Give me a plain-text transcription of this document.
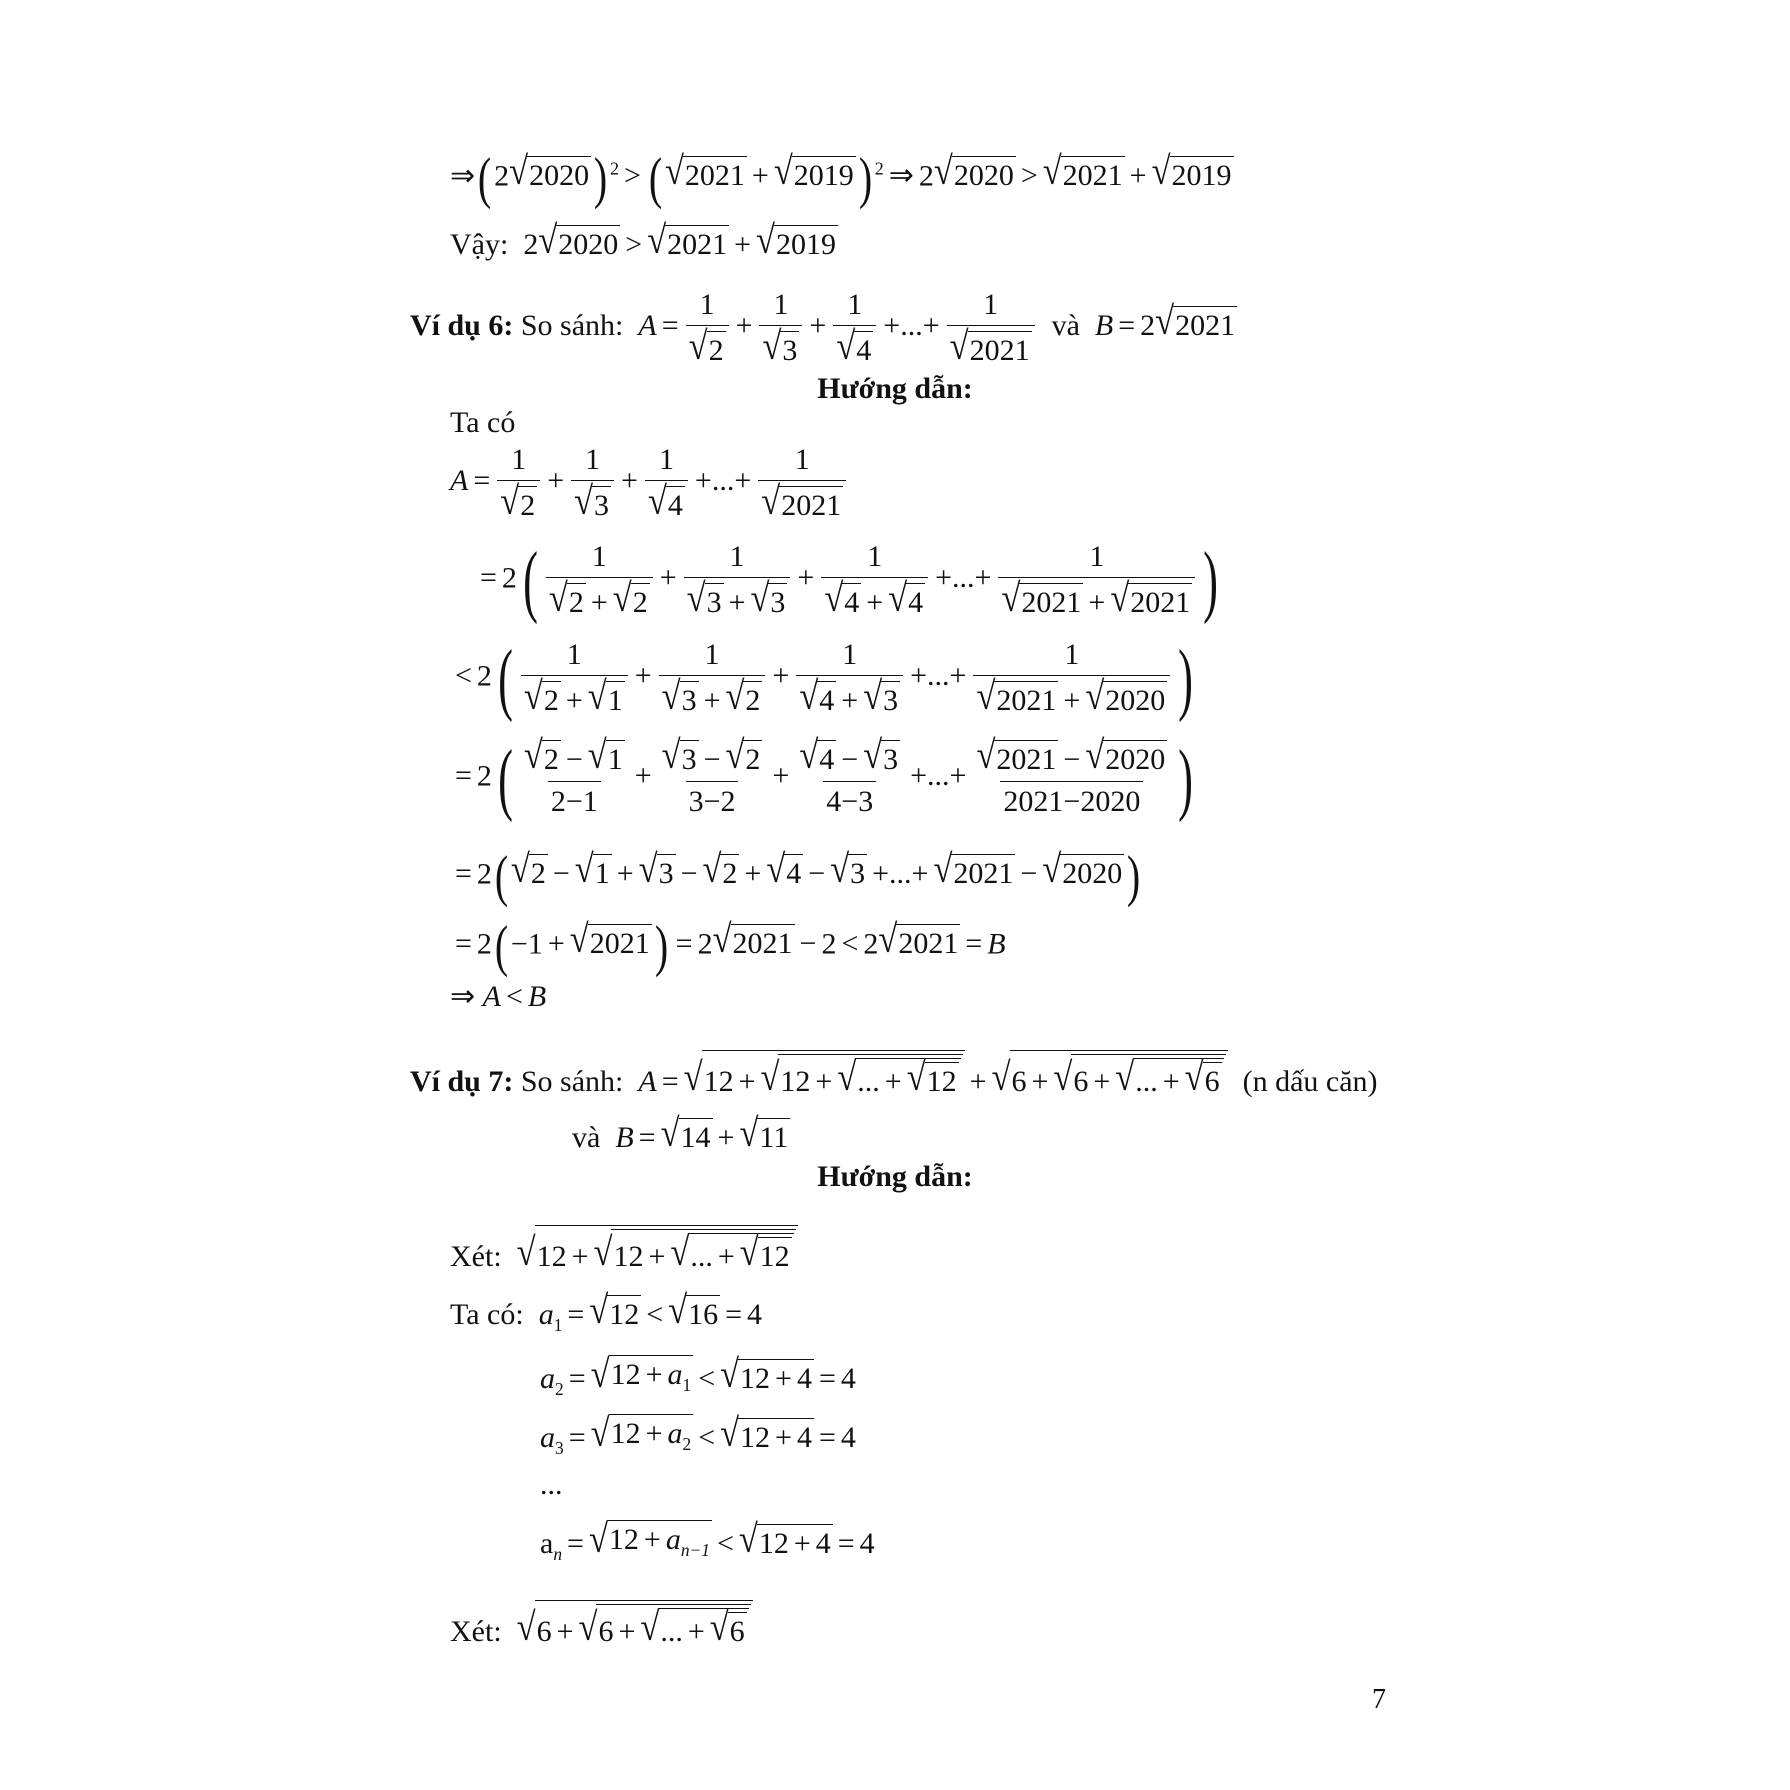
⇒(2 √ 2020 ) $^2$ > ( √ 2021 + √ 2019 ) $^2$ ⇒ 2 √ 2020 > √ 2021 + √ 2019
Vậy:  2 √ 2020 > √ 2021 + √ 2019
Ví dụ 6: So sánh: $A = \frac{1}{√ 2} + \frac{1}{√ 3} + \frac{1}{√ 4}$ +...+ $\frac{1}{√ 2021}$ và B = 2 √ 2021
Hướng dẫn:
Ta có
$A = \frac{1}{√ 2} + \frac{1}{√ 3} + \frac{1}{√ 4}$ +...+ $\frac{1}{√ 2021}$
= $2( \frac{1}{√ 2 + √ 2} + \frac{1}{√ 3 + √ 3} + \frac{1}{√ 4 + √ 4}$ +...+ $\frac{1}{√ 2021 + √ 2021}$ )
< $2( \frac{1}{√ 2 + √ 1} + \frac{1}{√ 3 + √ 2} + \frac{1}{√ 4 + √ 3}$ +...+ $\frac{1}{√ 2021 + √ 2020}$ )
= $2( \frac{√ 2 - √ 1}{2-1} + \frac{√ 3 - √ 2}{3-2} + \frac{√ 4 - √ 3}{4-3}$ +...+ $\frac{√ 2021 - √ 2020}{2021-2020}$ )
= 2( √ 2 − √ 1 + √ 3 − √ 2 + √ 4 − √ 3 +...+ √ 2021 − √ 2020 )
= 2(−1 + √ 2021 ) = 2 √ 2021 − 2 < 2 √ 2021 = B
⇒ A < B
Ví dụ 7: So sánh: A = √ 12 + √ 12 + √ ... + √ 12 + √ 6 + √ 6 + √ ... + √ 6 (n dấu căn)
và B = √ 14 + √ 11
Hướng dẫn:
Xét: √ 12 + √ 12 + √ ... + √ 12
Ta có: $a_1$ = √ 12 < √ 16 = 4
$a_2$ = √ $12 + a_1$ < √ 12 + 4 = 4
$a_3$ = √ $12 + a_2$ < √ 12 + 4 = 4
...
$a_n$ = √ $12 + a_{n-1}$ < √ 12 + 4 = 4
Xét: √ 6 + √ 6 + √ ... + √ 6
7
